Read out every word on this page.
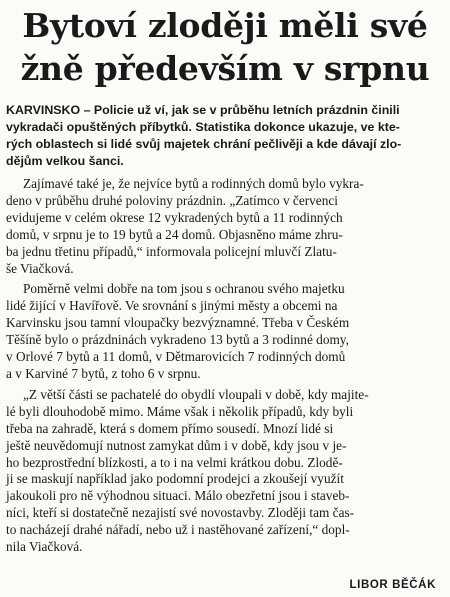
Bytoví zloději měli své
žně především v srpnu
KARVINSKO – Policie už ví, jak se v průběhu letních prázdnin činili
vykradači opuštěných příbytků. Statistika dokonce ukazuje, ve kte-
rých oblastech si lidé svůj majetek chrání pečlivěji a kde dávají zlo-
dějům velkou šanci.
Zajímavé také je, že nejvíce bytů a rodinných domů bylo vykra-
deno v průběhu druhé poloviny prázdnin. „Zatímco v červenci
evidujeme v celém okrese 12 vykradených bytů a 11 rodinných
domů, v srpnu je to 19 bytů a 24 domů. Objasněno máme zhru-
ba jednu třetinu případů,“ informovala policejní mluvčí Zlatu-
še Viačková.
Poměrně velmi dobře na tom jsou s ochranou svého majetku
lidé žijící v Havířově. Ve srovnání s jinými městy a obcemi na
Karvinsku jsou tamní vloupačky bezvýznamné. Třeba v Českém
Těšíně bylo o prázdninách vykradeno 13 bytů a 3 rodinné domy,
v Orlové 7 bytů a 11 domů, v Dětmarovicích 7 rodinných domů
a v Karviné 7 bytů, z toho 6 v srpnu.
„Z větší části se pachatelé do obydlí vloupali v době, kdy majite-
lé byli dlouhodobě mimo. Máme však i několik případů, kdy byli
třeba na zahradě, která s domem přímo sousedí. Mnozí lidé si
ještě neuvědomují nutnost zamykat dům i v době, kdy jsou v je-
ho bezprostřední blízkosti, a to i na velmi krátkou dobu. Zlodě-
ji se maskují například jako podomní prodejci a zkoušejí využít
jakoukoli pro ně výhodnou situaci. Málo obezřetní jsou i staveb-
níci, kteří si dostatečně nezajistí své novostavby. Zloději tam čas-
to nacházejí drahé nářadí, nebo už i nastěhované zařízení,“ dopl-
nila Viačková.
LIBOR BĚČÁK
